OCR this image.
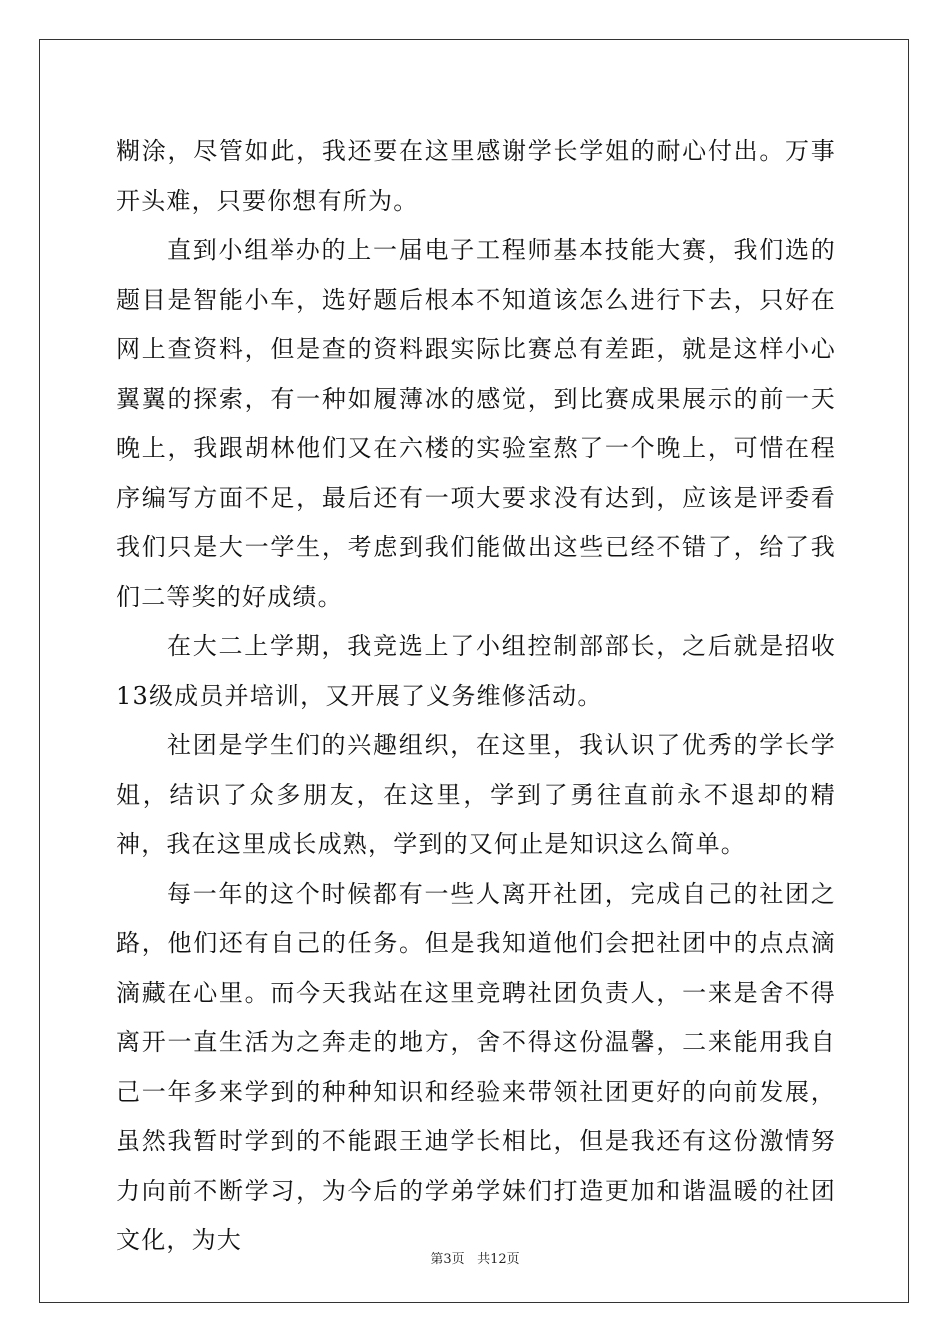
糊涂，尽管如此，我还要在这里感谢学长学姐的耐心付出。万事开头难，只要你想有所为。

直到小组举办的上一届电子工程师基本技能大赛，我们选的题目是智能小车，选好题后根本不知道该怎么进行下去，只好在网上查资料，但是查的资料跟实际比赛总有差距，就是这样小心翼翼的探索，有一种如履薄冰的感觉，到比赛成果展示的前一天晚上，我跟胡林他们又在六楼的实验室熬了一个晚上，可惜在程序编写方面不足，最后还有一项大要求没有达到，应该是评委看我们只是大一学生，考虑到我们能做出这些已经不错了，给了我们二等奖的好成绩。

在大二上学期，我竞选上了小组控制部部长，之后就是招收13级成员并培训，又开展了义务维修活动。

社团是学生们的兴趣组织，在这里，我认识了优秀的学长学姐，结识了众多朋友，在这里，学到了勇往直前永不退却的精神，我在这里成长成熟，学到的又何止是知识这么简单。

每一年的这个时候都有一些人离开社团，完成自己的社团之路，他们还有自己的任务。但是我知道他们会把社团中的点点滴滴藏在心里。而今天我站在这里竞聘社团负责人，一来是舍不得离开一直生活为之奔走的地方，舍不得这份温馨，二来能用我自己一年多来学到的种种知识和经验来带领社团更好的向前发展，虽然我暂时学到的不能跟王迪学长相比，但是我还有这份激情努力向前不断学习，为今后的学弟学妹们打造更加和谐温暖的社团文化，为大

第3页 共12页
